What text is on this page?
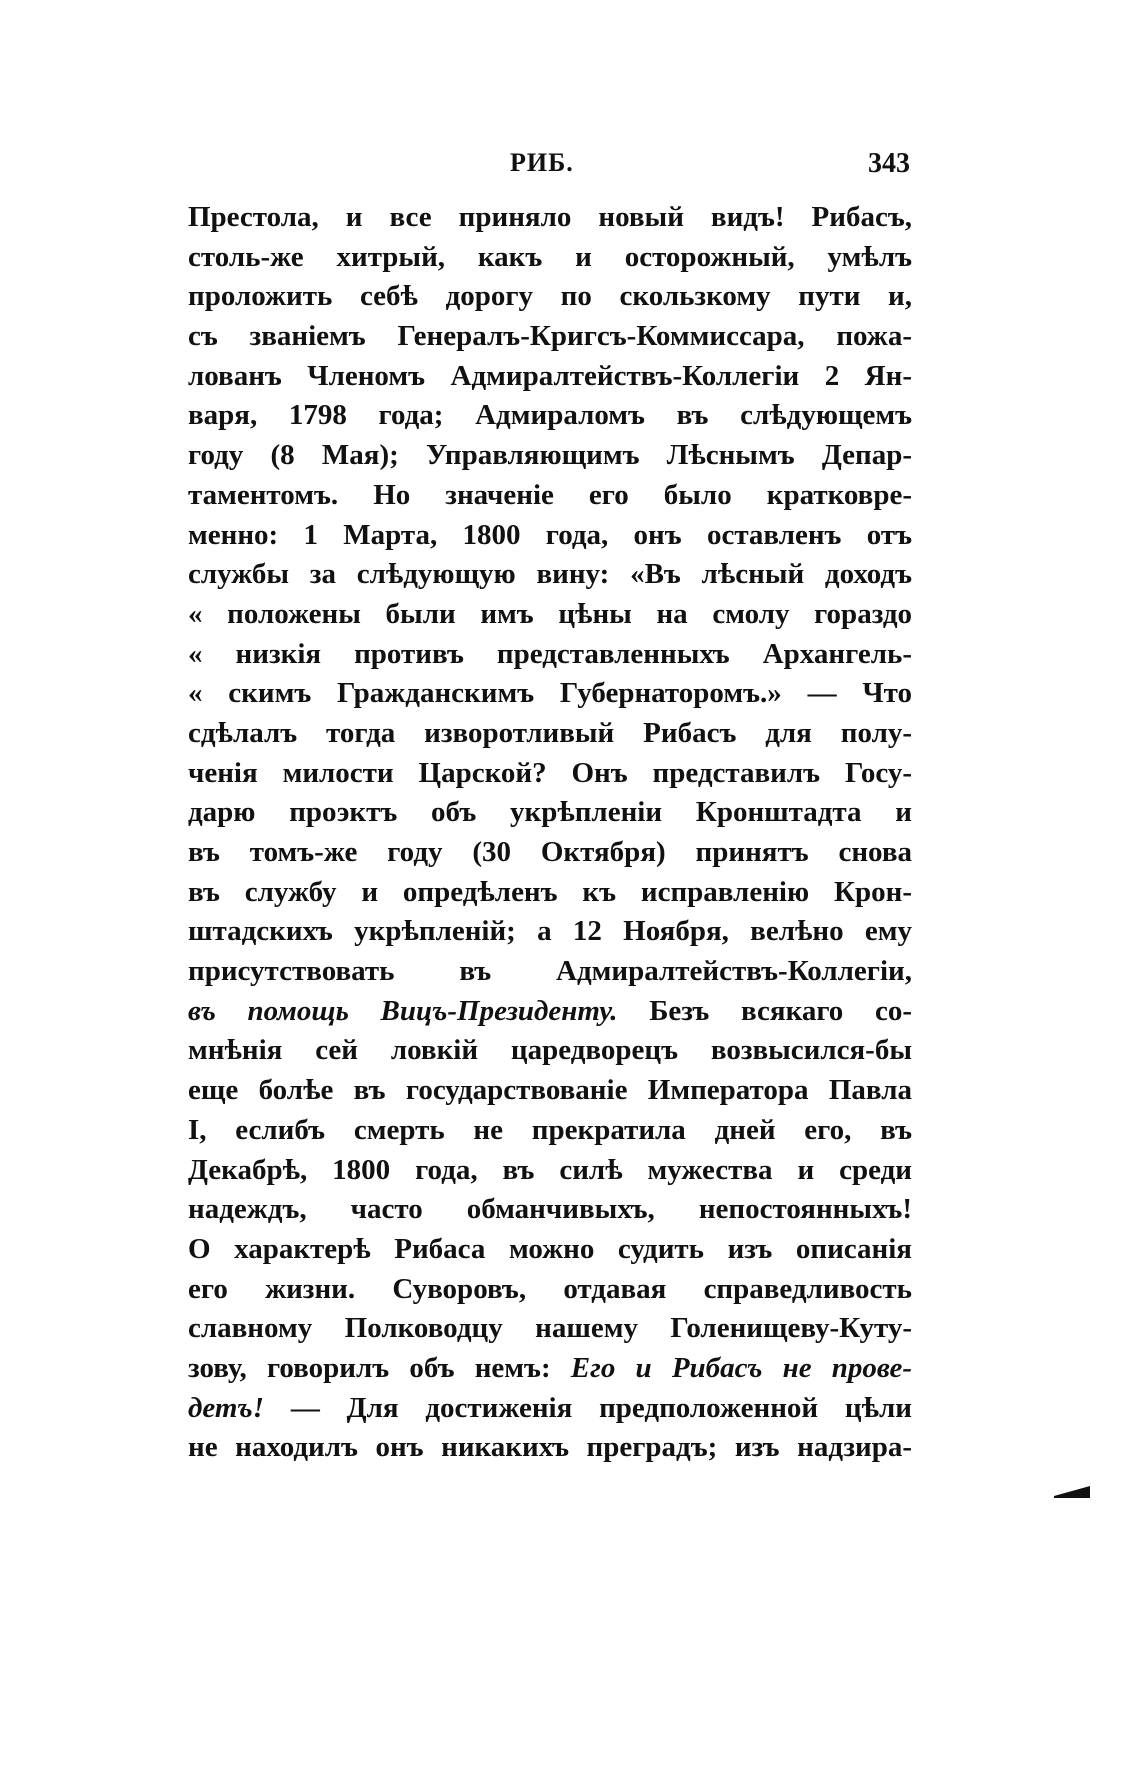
РИБ.	343
Престола, и все приняло новый видъ! Рибасъ,
столь-же хитрый, какъ и осторожный, умѣлъ
проложить себѣ дорогу по скользкому пути и,
съ званіемъ Генералъ-Кригсъ-Коммиссара, пожа-
лованъ Членомъ Адмиралтействъ-Коллегіи 2 Ян-
варя, 1798 года; Адмираломъ въ слѣдующемъ
году (8 Мая); Управляющимъ Лѣснымъ Депар-
таментомъ. Но значеніе его было кратковре-
менно: 1 Марта, 1800 года, онъ оставленъ отъ
службы за слѣдующую вину: «Въ лѣсный доходъ
« положены были имъ цѣны на смолу гораздо
« низкія противъ представленныхъ Архангель-
« скимъ Гражданскимъ Губернаторомъ.» — Что
сдѣлалъ тогда изворотливый Рибасъ для полу-
ченія милости Царской? Онъ представилъ Госу-
дарю проэктъ объ укрѣпленіи Кронштадта и
въ томъ-же году (30 Октября) принятъ снова
въ службу и опредѣленъ къ исправленію Крон-
штадскихъ укрѣпленій; а 12 Ноября, велѣно ему
присутствовать въ Адмиралтействъ-Коллегіи,
въ помощь Вицъ-Президенту. Безъ всякаго со-
мнѣнія сей ловкій царедворецъ возвысился-бы
еще болѣе въ государствованіе Императора Павла
I, еслибъ смерть не прекратила дней его, въ
Декабрѣ, 1800 года, въ силѣ мужества и среди
надеждъ, часто обманчивыхъ, непостоянныхъ!
О характерѣ Рибаса можно судить изъ описанія
его жизни. Суворовъ, отдавая справедливость
славному Полководцу нашему Голенищеву-Куту-
зову, говорилъ объ немъ: Его и Рибасъ не прове-
детъ! — Для достиженія предположенной цѣли
не находилъ онъ никакихъ преградъ; изъ надзира-
